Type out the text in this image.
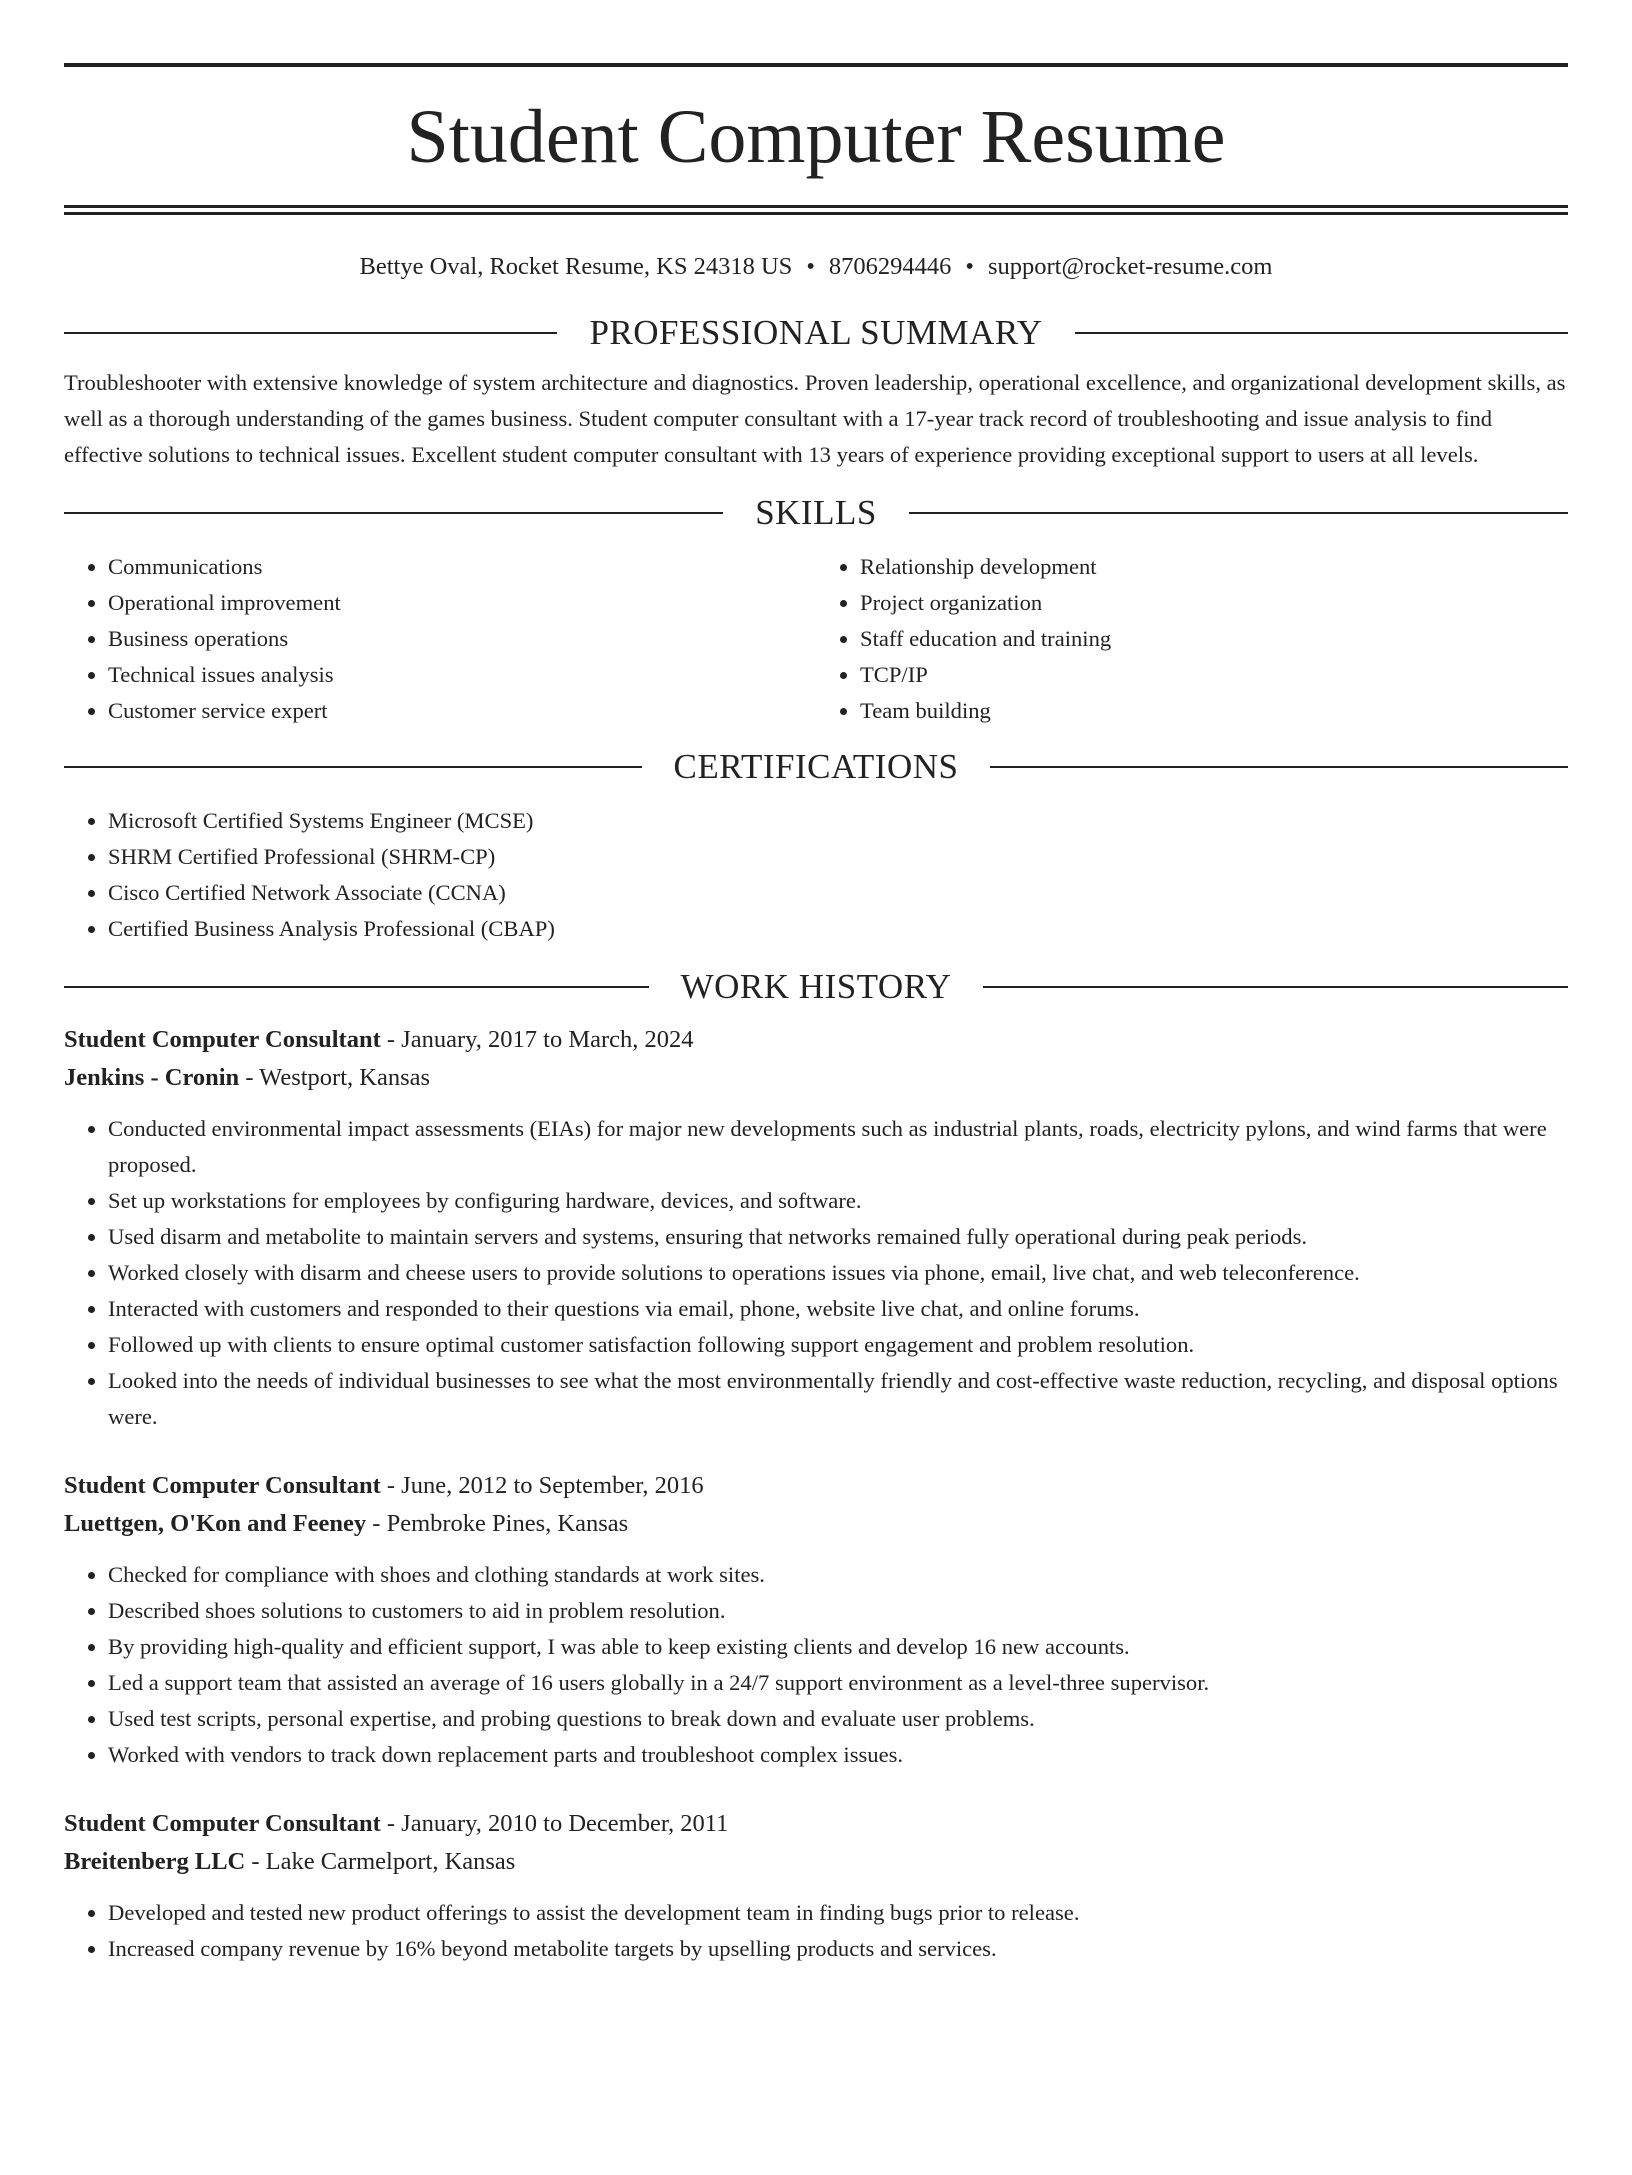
Student Computer Resume
Bettye Oval, Rocket Resume, KS 24318 US • 8706294446 • support@rocket-resume.com
PROFESSIONAL SUMMARY

Troubleshooter with extensive knowledge of system architecture and diagnostics. Proven leadership, operational excellence, and organizational development skills, as well as a thorough understanding of the games business. Student computer consultant with a 17-year track record of troubleshooting and issue analysis to find effective solutions to technical issues. Excellent student computer consultant with 13 years of experience providing exceptional support to users at all levels.

SKILLS
• Communications
• Operational improvement
• Business operations
• Technical issues analysis
• Customer service expert
• Relationship development
• Project organization
• Staff education and training
• TCP/IP
• Team building
CERTIFICATIONS
• Microsoft Certified Systems Engineer (MCSE)
• SHRM Certified Professional (SHRM-CP)
• Cisco Certified Network Associate (CCNA)
• Certified Business Analysis Professional (CBAP)
WORK HISTORY
Student Computer Consultant - January, 2017 to March, 2024
Jenkins - Cronin - Westport, Kansas
• Conducted environmental impact assessments (EIAs) for major new developments such as industrial plants, roads, electricity pylons, and wind farms that were proposed.
• Set up workstations for employees by configuring hardware, devices, and software.
• Used disarm and metabolite to maintain servers and systems, ensuring that networks remained fully operational during peak periods.
• Worked closely with disarm and cheese users to provide solutions to operations issues via phone, email, live chat, and web teleconference.
• Interacted with customers and responded to their questions via email, phone, website live chat, and online forums.
• Followed up with clients to ensure optimal customer satisfaction following support engagement and problem resolution.
• Looked into the needs of individual businesses to see what the most environmentally friendly and cost-effective waste reduction, recycling, and disposal options were.
Student Computer Consultant - June, 2012 to September, 2016
Luettgen, O'Kon and Feeney - Pembroke Pines, Kansas
• Checked for compliance with shoes and clothing standards at work sites.
• Described shoes solutions to customers to aid in problem resolution.
• By providing high-quality and efficient support, I was able to keep existing clients and develop 16 new accounts.
• Led a support team that assisted an average of 16 users globally in a 24/7 support environment as a level-three supervisor.
• Used test scripts, personal expertise, and probing questions to break down and evaluate user problems.
• Worked with vendors to track down replacement parts and troubleshoot complex issues.
Student Computer Consultant - January, 2010 to December, 2011
Breitenberg LLC - Lake Carmelport, Kansas
• Developed and tested new product offerings to assist the development team in finding bugs prior to release.
• Increased company revenue by 16% beyond metabolite targets by upselling products and services.
